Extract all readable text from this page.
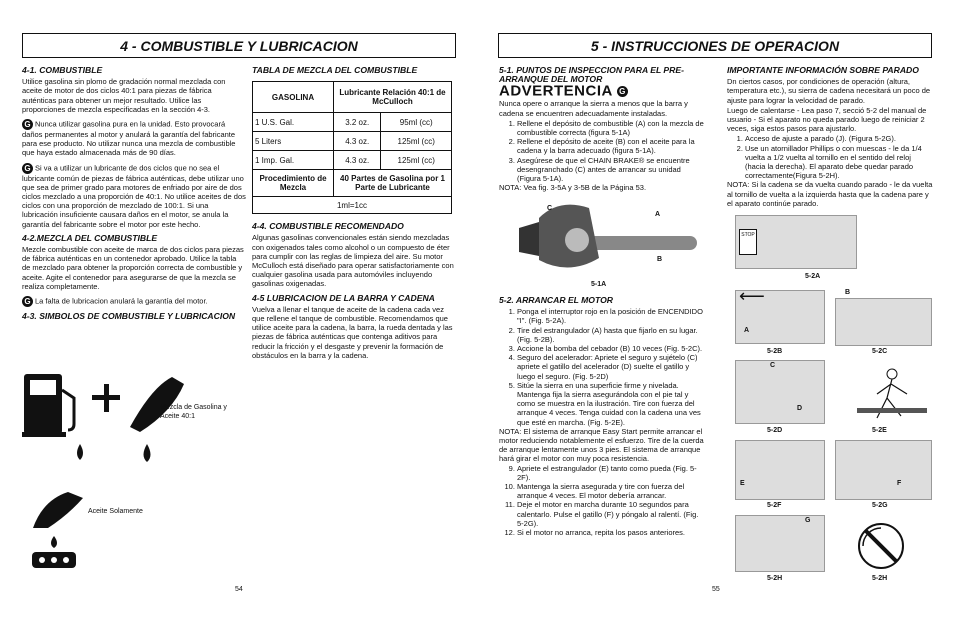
4 - COMBUSTIBLE Y LUBRICACION
4-1. COMBUSTIBLE

Utilice gasolina sin plomo de gradación normal mezclada con aceite de motor de dos ciclos 40:1 para piezas de fábrica auténticas para obtener un mejor resultado. Utilice las proporciones de mezcla especificadas en la sección 4-3.

G Nunca utilizar gasolina pura en la unidad. Esto provocará daños permanentes al motor y anulará la garantía del fabricante para ese producto. No utilizar nunca una mezcla de combustible que haya estado almacenada más de 90 días.

G Si va a utilizar un lubricante de dos ciclos que no sea el lubricante común de piezas de fábrica auténticas, debe utilizar uno que sea de primer grado para motores de enfriado por aire de dos ciclos mezclado a una proporción de 40:1. No utilice aceites de dos ciclos con una proporción de mezclado de 100:1. Si una lubricación insuficiente causara daños en el motor, se anula la garantía del fabricante sobre el motor por este hecho.

4-2.MEZCLA DEL COMBUSTIBLE

Mezcle combustible con aceite de marca de dos ciclos para piezas de fábrica auténticas en un contenedor aprobado. Utilice la tabla de mezclado para obtener la proporción correcta de combustible y aceite. Agite el contenedor para asegurarse de que la mezcla se realiza completamente.

G La falta de lubricacion anulará la garantía del motor.

4-3. SIMBOLOS DE COMBUSTIBLE Y LUBRICACION
Mezcla de Gasolina y Aceite 40:1
Aceite Solamente
TABLA DE MEZCLA DEL COMBUSTIBLE
GASOLINA	Lubricante Relación 40:1 de McCulloch	
1 U.S. Gal.	3.2 oz.	95ml (cc)
5 Liters	4.3 oz.	125ml (cc)
1 Imp. Gal.	4.3 oz.	125ml (cc)
Procedimiento de Mezcla	40 Partes de Gasolina por 1 Parte de Lubricante	
1ml=1cc		
4-4. COMBUSTIBLE RECOMENDADO

Algunas gasolinas convencionales están siendo mezcladas con oxigenados tales como alcohol o un compuesto de éter para cumplir con las reglas de limpieza del aire. Su motor McCulloch está diseñado para operar satisfactoriamente con cualquier gasolina usada para automóviles incluyendo gasolinas oxigenadas.

4-5 LUBRICACION DE LA BARRA Y CADENA

Vuelva a llenar el tanque de aceite de la cadena cada vez que rellene el tanque de combustible. Recomendamos que utilice aceite para la cadena, la barra, la rueda dentada y las piezas de fábrica auténticas que contenga aditivos para reducir la fricción y el desgaste y prevenir la formación de obstáculos en la barra y la cadena.

54
5 - INSTRUCCIONES DE OPERACION
5-1. PUNTOS DE INSPECCION PARA EL PRE-ARRANQUE DEL MOTOR
ADVERTENCIA G

Nunca opere o arranque la sierra a menos que la barra y cadena se encuentren adecuadamente instaladas.

1. Rellene el depósito de combustible (A) con la mezcla de combustible correcta (figura 5-1A)
2. Rellene el depósito de aceite (B) con el aceite para la cadena y la barra adecuado (figura 5-1A).
3. Asegúrese de que el CHAIN BRAKE® se encuentre desengranchado (C) antes de arrancar su unidad (Figura 5-1A).

NOTA: Vea fig. 3-5A y 3-5B de la Página 53.

C
A
B
5-1A
5-2. ARRANCAR EL MOTOR
1. Ponga el interruptor rojo en la posición de ENCENDIDO "I". (Fig. 5-2A).
2. Tire del estrangulador (A) hasta que fijarlo en su lugar. (Fig. 5-2B).
3. Accione la bomba del cebador (B) 10 veces (Fig. 5-2C).
4. Seguro del acelerador: Apriete el seguro y sujételo (C) apriete el gatillo del acelerador (D) suelte el gatillo y luego el seguro. (Fig. 5-2D)
5. Sitúe la sierra en una superficie firme y nivelada. Mantenga fija la sierra asegurándola con el pie tal y como se muestra en la ilustración. Tire con fuerza del arranque 4 veces. Tenga cuidad con la cadena una ves que esté en marcha. (Fig. 5-2E).

NOTA: El sistema de arranque Easy Start permite arrancar el motor reduciendo notablemente el esfuerzo. Tire de la cuerda de arranque lentamente unos 3 pies. El sistema de arranque hará girar el motor con muy poca resistencia.

9. Apriete el estrangulador (E) tanto como pueda (Fig. 5-2F).
10. Mantenga la sierra asegurada y tire con fuerza del arranque 4 veces. El motor debería arrancar.
11. Deje el motor en marcha durante 10 segundos para calentarlo. Pulse el gatillo (F) y póngalo al ralentí. (Fig. 5-2G).
12. Si el motor no arranca, repita los pasos anteriores.
IMPORTANTE INFORMACIÓN SOBRE PARADO

Dn ciertos casos, por condiciones de operación (altura, temperatura etc.), su sierra de cadena necesitará un poco de ajuste para lograr la velocidad de parado.

Luego de calentarse - Lea paso 7, secció 5-2 del manual de usuario - Si el aparato no queda parado luego de reiniciar 2 veces, siga estos pasos para ajustarlo.

1. Acceso de ajuste a parado (J). (Figura 5-2G).
2. Use un atornillador Phillips o con muescas - le da 1/4 vuelta a 1/2 vuelta al tornillo en el sentido del reloj (hacia la derecha). El aparato debe quedar parado correctamente(Figura 5-2H).

NOTA: Si la cadena se da vuelta cuando parado - le da vuelta al tornillo de vuelta a la izquierda hasta que la cadena pare y el aparato continúe parado.

STOP
5-2A
⟵
A
5-2B
B
5-2C
C
D
5-2D	5-2E
E
5-2F
F
5-2G
G
5-2H	5-2H
55
